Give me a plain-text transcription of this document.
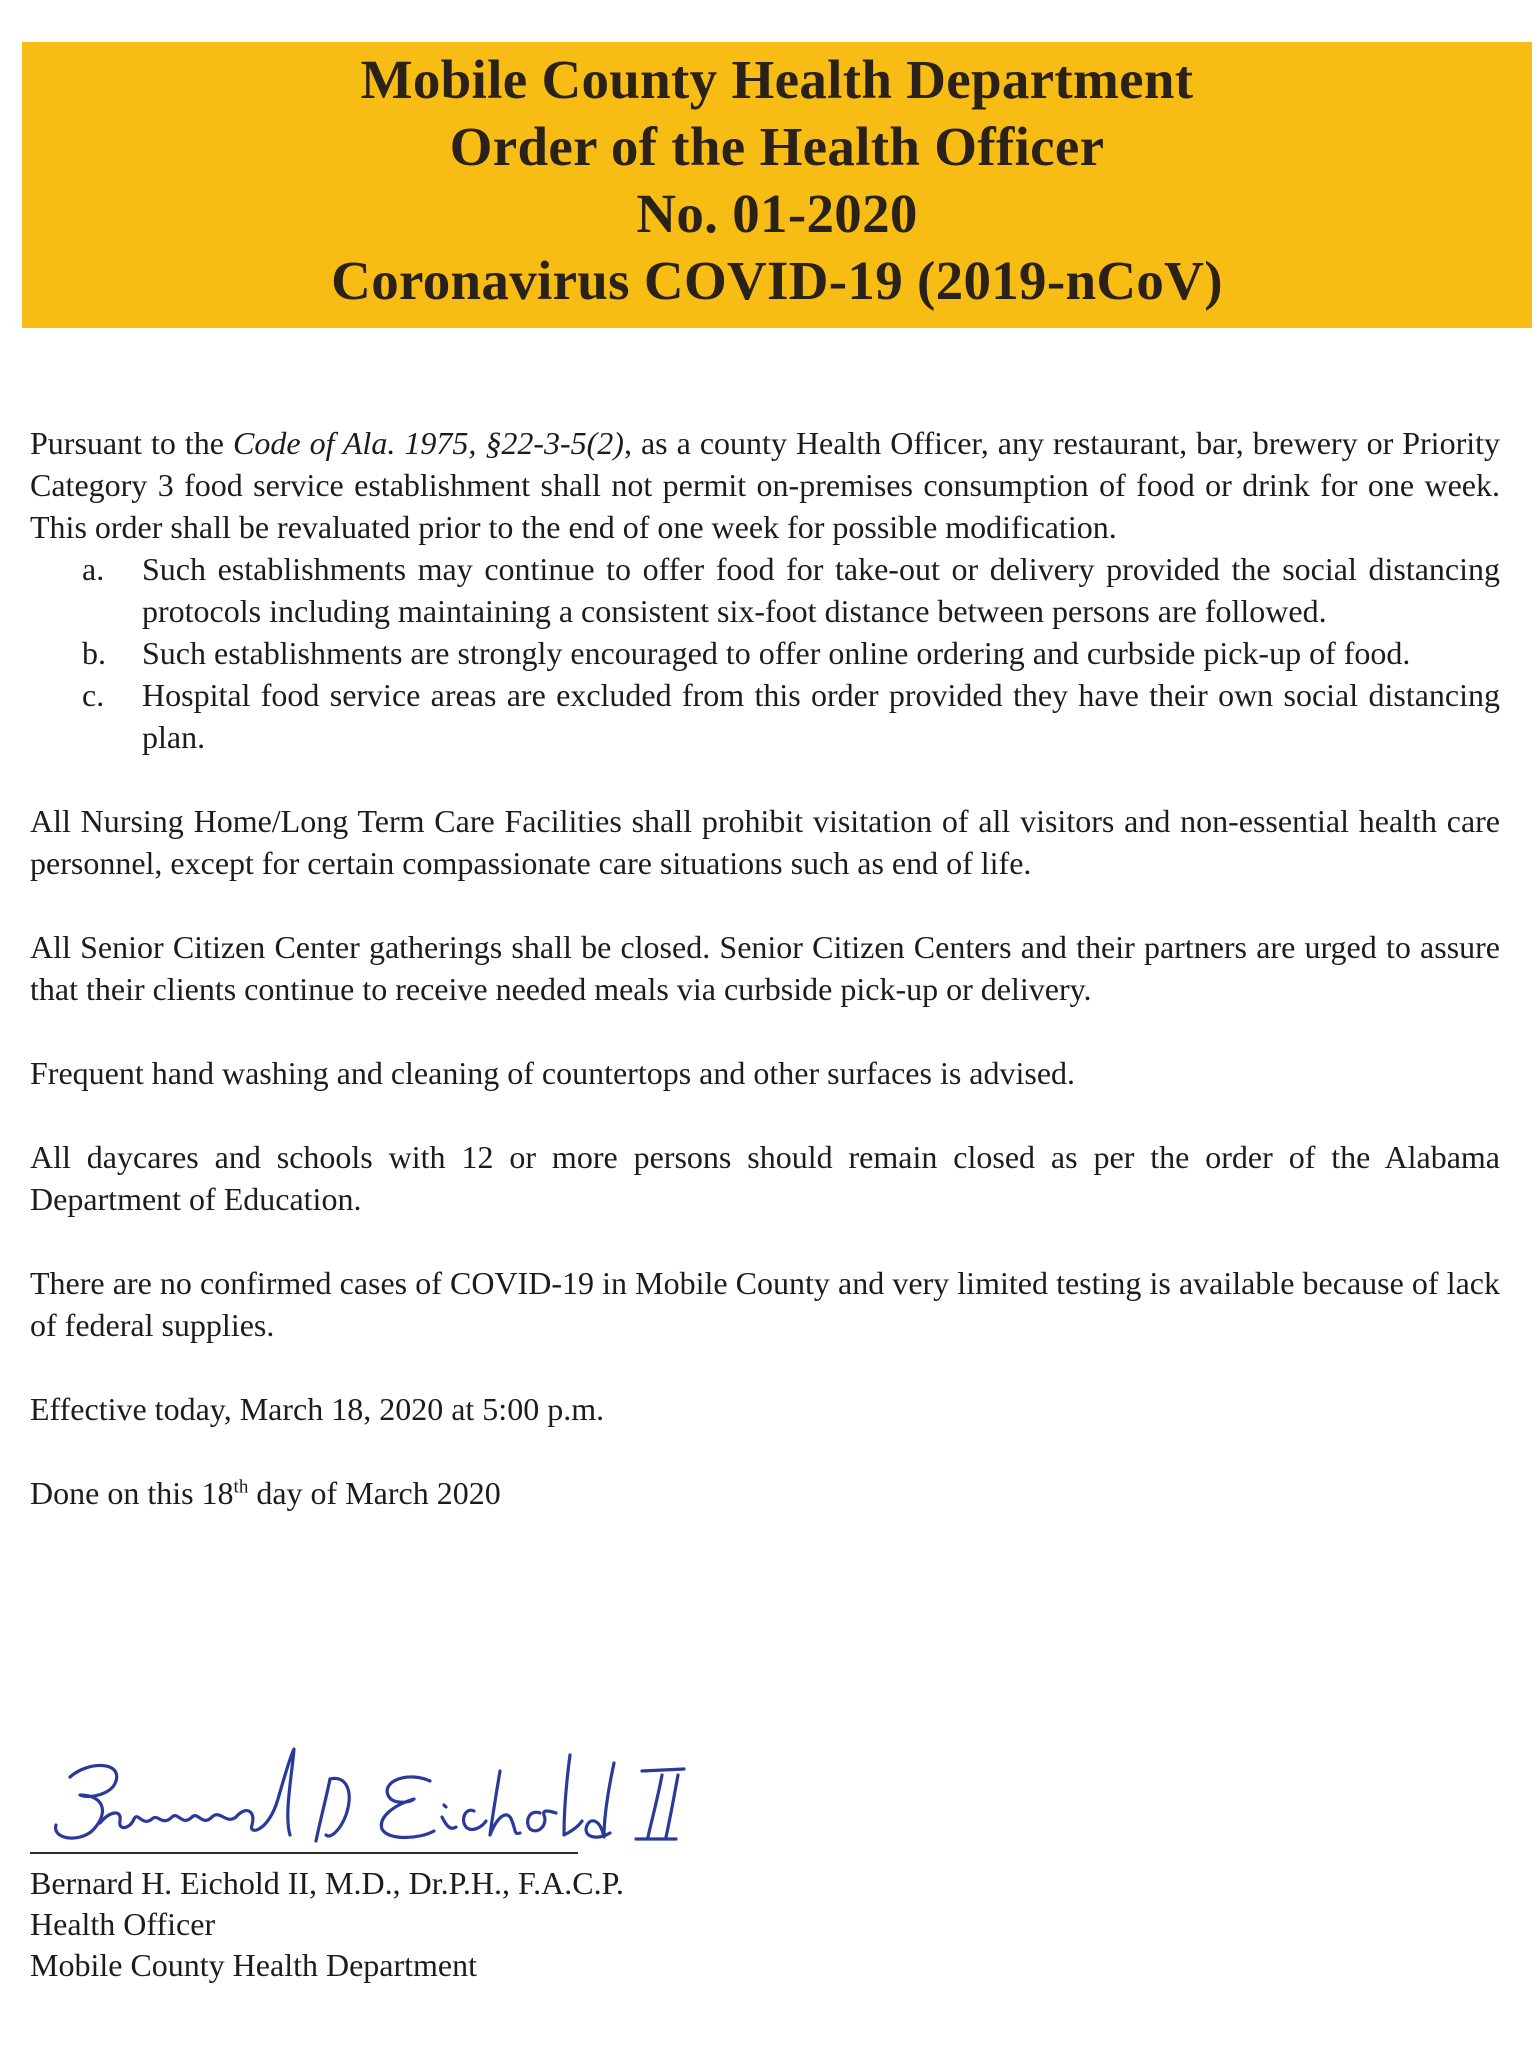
Mobile County Health Department
Order of the Health Officer
No. 01-2020
Coronavirus COVID-19 (2019-nCoV)

Pursuant to the Code of Ala. 1975, §22-3-5(2), as a county Health Officer, any restaurant, bar, brewery or Priority Category 3 food service establishment shall not permit on-premises consumption of food or drink for one week. This order shall be revaluated prior to the end of one week for possible modification.

a. Such establishments may continue to offer food for take-out or delivery provided the social distancing protocols including maintaining a consistent six-foot distance between persons are followed.
b. Such establishments are strongly encouraged to offer online ordering and curbside pick-up of food.
c. Hospital food service areas are excluded from this order provided they have their own social distancing plan.

All Nursing Home/Long Term Care Facilities shall prohibit visitation of all visitors and non-essential health care personnel, except for certain compassionate care situations such as end of life.

All Senior Citizen Center gatherings shall be closed. Senior Citizen Centers and their partners are urged to assure that their clients continue to receive needed meals via curbside pick-up or delivery.

Frequent hand washing and cleaning of countertops and other surfaces is advised.

All daycares and schools with 12 or more persons should remain closed as per the order of the Alabama Department of Education.

There are no confirmed cases of COVID-19 in Mobile County and very limited testing is available because of lack of federal supplies.

Effective today, March 18, 2020 at 5:00 p.m.

Done on this 18th day of March 2020

Bernard H. Eichold II, M.D., Dr.P.H., F.A.C.P.
Health Officer
Mobile County Health Department
